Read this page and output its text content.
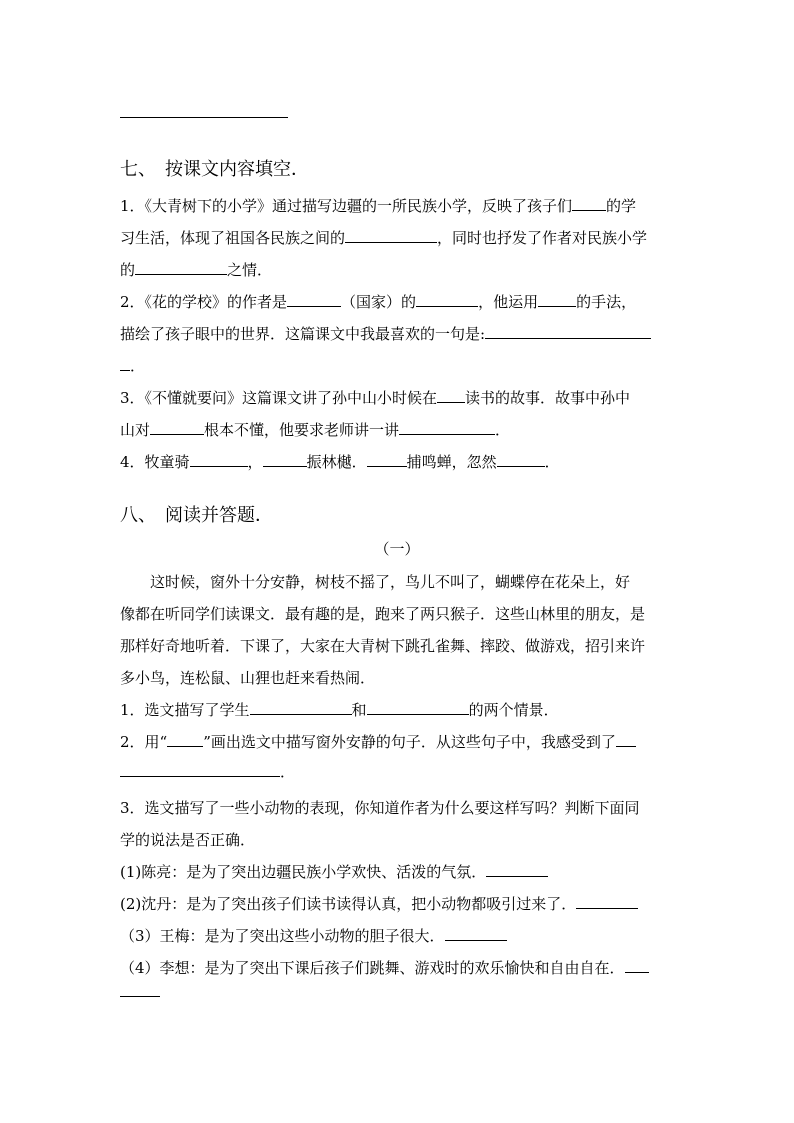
七、　按课文内容填空．
1．《大青树下的小学》通过描写边疆的一所民族小学，反映了孩子们 的学
习生活，体现了祖国各民族之间的	，同时也抒发了作者对民族小学
的	之情．
2．《花的学校》的作者是	（国家）的	，他运用	的手法，
描绘了孩子眼中的世界．这篇课文中我最喜欢的一句是:
．
3．《不懂就要问》这篇课文讲了孙中山小时候在 读书的故事．故事中孙中
山对	根本不懂，他要求老师讲一讲	．
4．牧童骑	，	振林樾．	捕鸣蝉，忽然	．
八、　阅读并答题．
（一）
这时候，窗外十分安静，树枝不摇了，鸟儿不叫了，蝴蝶停在花朵上，好
像都在听同学们读课文．最有趣的是，跑来了两只猴子．这些山林里的朋友，是
那样好奇地听着．下课了，大家在大青树下跳孔雀舞、摔跤、做游戏，招引来许
多小鸟，连松鼠、山狸也赶来看热闹．
1．选文描写了学生	和	的两个情景．
2．用“ ”画出选文中描写窗外安静的句子．从这些句子中，我感受到了
．
3．选文描写了一些小动物的表现，你知道作者为什么要这样写吗？判断下面同
学的说法是否正确．
(1)陈亮：是为了突出边疆民族小学欢快、活泼的气氛．
(2)沈丹：是为了突出孩子们读书读得认真，把小动物都吸引过来了．
（3）王梅：是为了突出这些小动物的胆子很大．
（4）李想：是为了突出下课后孩子们跳舞、游戏时的欢乐愉快和自由自在．
